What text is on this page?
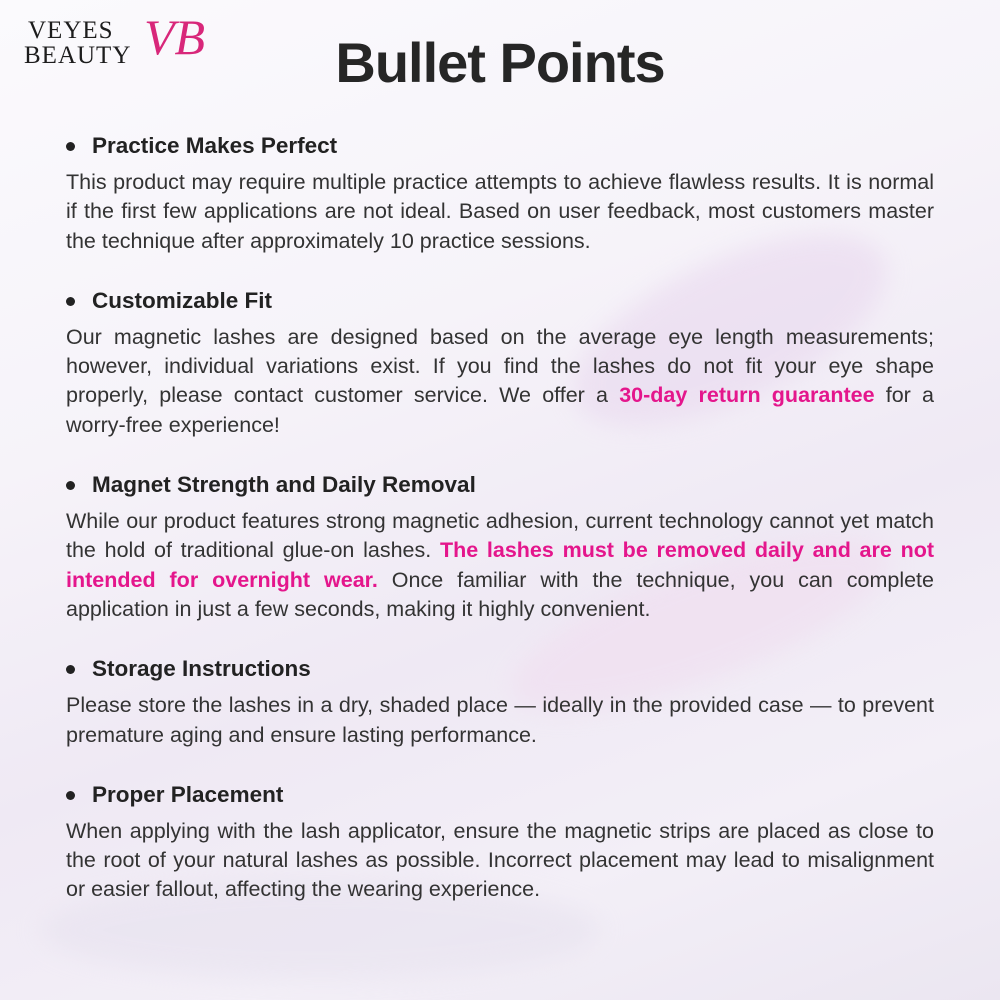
VEYES
BEAUTY VB	Bullet Points
Practice Makes Perfect
This product may require multiple practice attempts to achieve flawless results. It is normal if the first few applications are not ideal. Based on user feedback, most customers master the technique after approximately 10 practice sessions.
Customizable Fit
Our magnetic lashes are designed based on the average eye length measurements; however, individual variations exist. If you find the lashes do not fit your eye shape properly, please contact customer service. We offer a 30-day return guarantee for a worry-free experience!
Magnet Strength and Daily Removal
While our product features strong magnetic adhesion, current technology cannot yet match the hold of traditional glue-on lashes. The lashes must be removed daily and are not intended for overnight wear. Once familiar with the technique, you can complete application in just a few seconds, making it highly convenient.
Storage Instructions
Please store the lashes in a dry, shaded place — ideally in the provided case — to prevent premature aging and ensure lasting performance.
Proper Placement
When applying with the lash applicator, ensure the magnetic strips are placed as close to the root of your natural lashes as possible. Incorrect placement may lead to misalignment or easier fallout, affecting the wearing experience.
